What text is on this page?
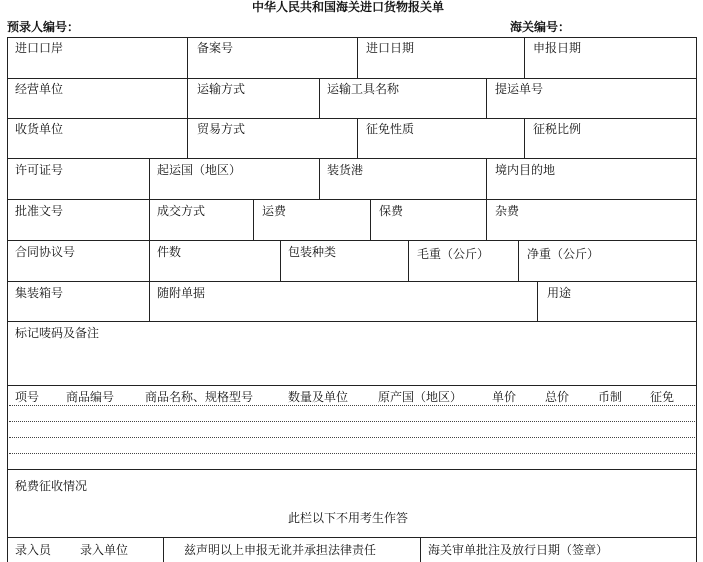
中华人民共和国海关进口货物报关单
预录人编号：	海关编号：
进口口岸	备案号	进口日期	申报日期
经营单位	运输方式	运输工具名称	提运单号
收货单位	贸易方式	征免性质	征税比例
许可证号	起运国（地区）	装货港	境内目的地
批准文号	成交方式	运费	保费	杂费
合同协议号	件数	包装种类	毛重（公斤）	净重（公斤）
集装箱号	随附单据	用途
标记唛码及备注
项号 商品编号	商品名称、规格型号	数量及单位 原产国（地区） 单价 总价 币制 征免
税费征收情况
此栏以下不用考生作答
录入员 录入单位	兹声明以上申报无讹并承担法律责任	海关审单批注及放行日期（签章）
